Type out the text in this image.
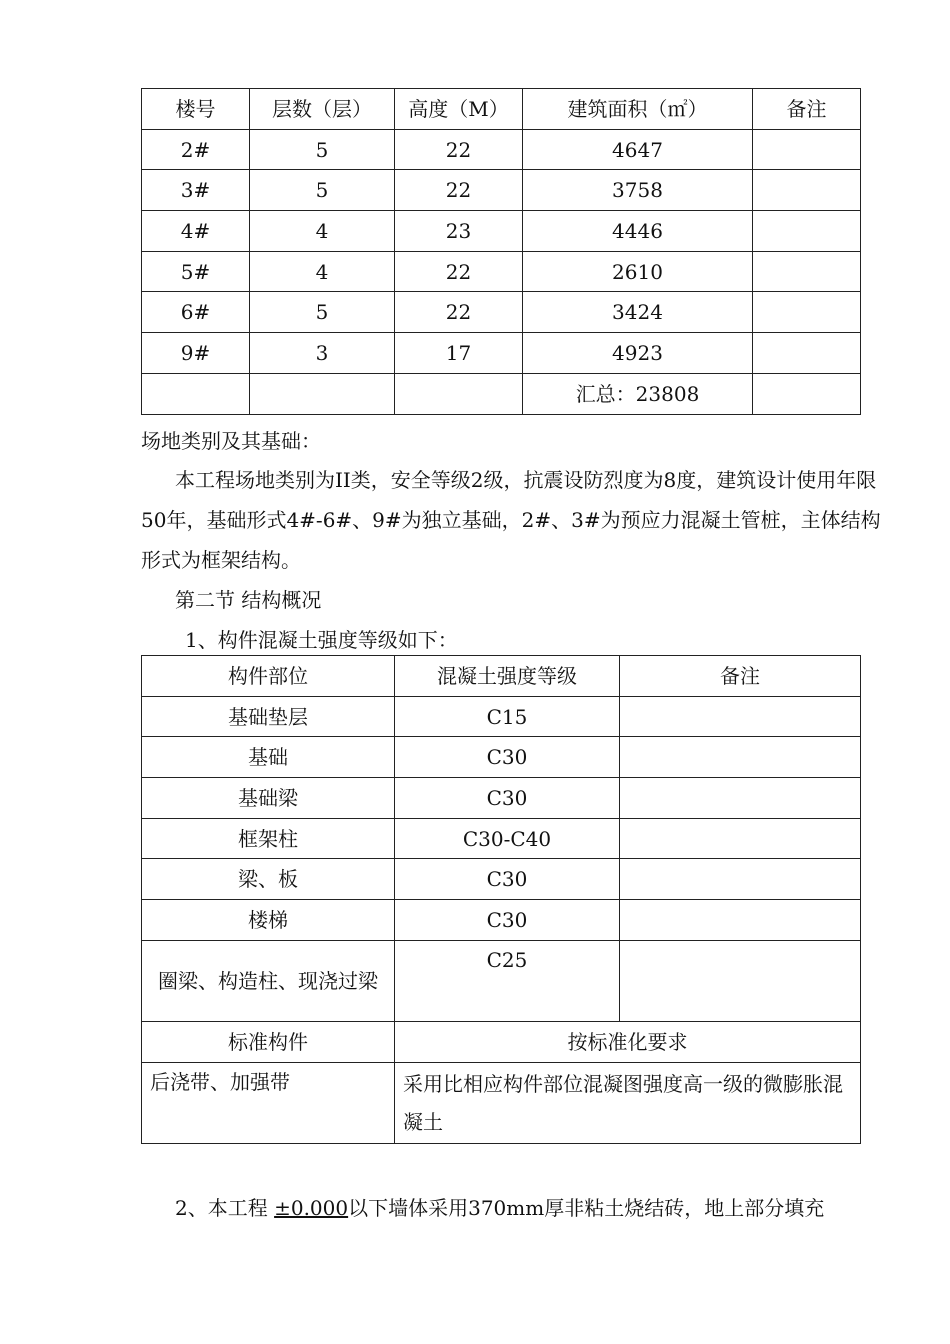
楼号	层数（层）	高度（M）	建筑面积（㎡）	备注
2#	5	22	4647	
3#	5	22	3758	
4#	4	23	4446	
5#	4	22	2610	
6#	5	22	3424	
9#	3	17	4923	
			汇总：23808	

场地类别及其基础：

本工程场地类别为II类，安全等级2级，抗震设防烈度为8度，建筑设计使用年限50年，基础形式4#-6#、9#为独立基础，2#、3#为预应力混凝土管桩，主体结构形式为框架结构。

第二节 结构概况

1、构件混凝土强度等级如下：

构件部位	混凝土强度等级	备注
基础垫层	C15	
基础	C30	
基础梁	C30	
框架柱	C30-C40	
梁、板	C30	
楼梯	C30	
圈梁、构造柱、现浇过梁	C25	
标准构件	按标准化要求	
后浇带、加强带	采用比相应构件部位混凝图强度高一级的微膨胀混凝土	

2、本工程 ±0.000以下墙体采用370mm厚非粘土烧结砖，地上部分填充
